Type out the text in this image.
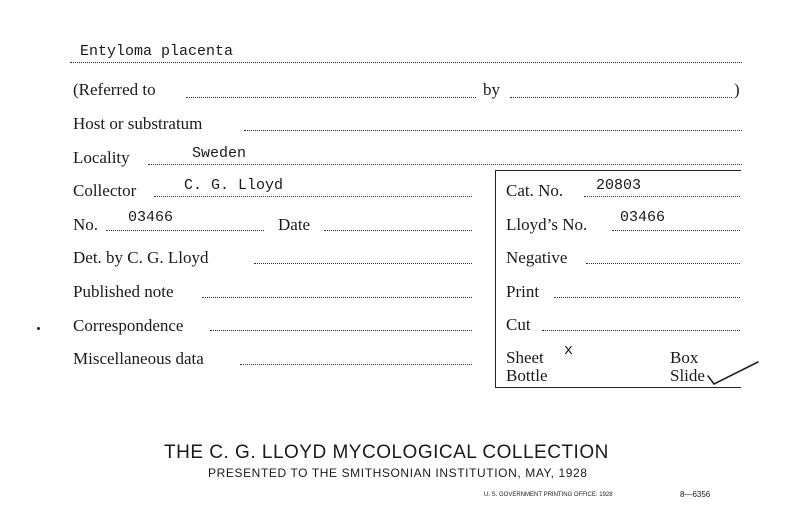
Entyloma placenta
(Referred to	by	)
Host or substratum
Locality	Sweden
Collector	C. G. Lloyd
No. 03466	Date
Det. by C. G. Lloyd
Published note
Correspondence
Miscellaneous data
Cat. No. 20803
Lloyd’s No. 03466
Negative
Print
Cut
Sheet x	Box
Bottle	Slide
THE C. G. LLOYD MYCOLOGICAL COLLECTION
PRESENTED TO THE SMITHSONIAN INSTITUTION, MAY, 1928
U. S. GOVERNMENT PRINTING OFFICE: 1928	8—6356
